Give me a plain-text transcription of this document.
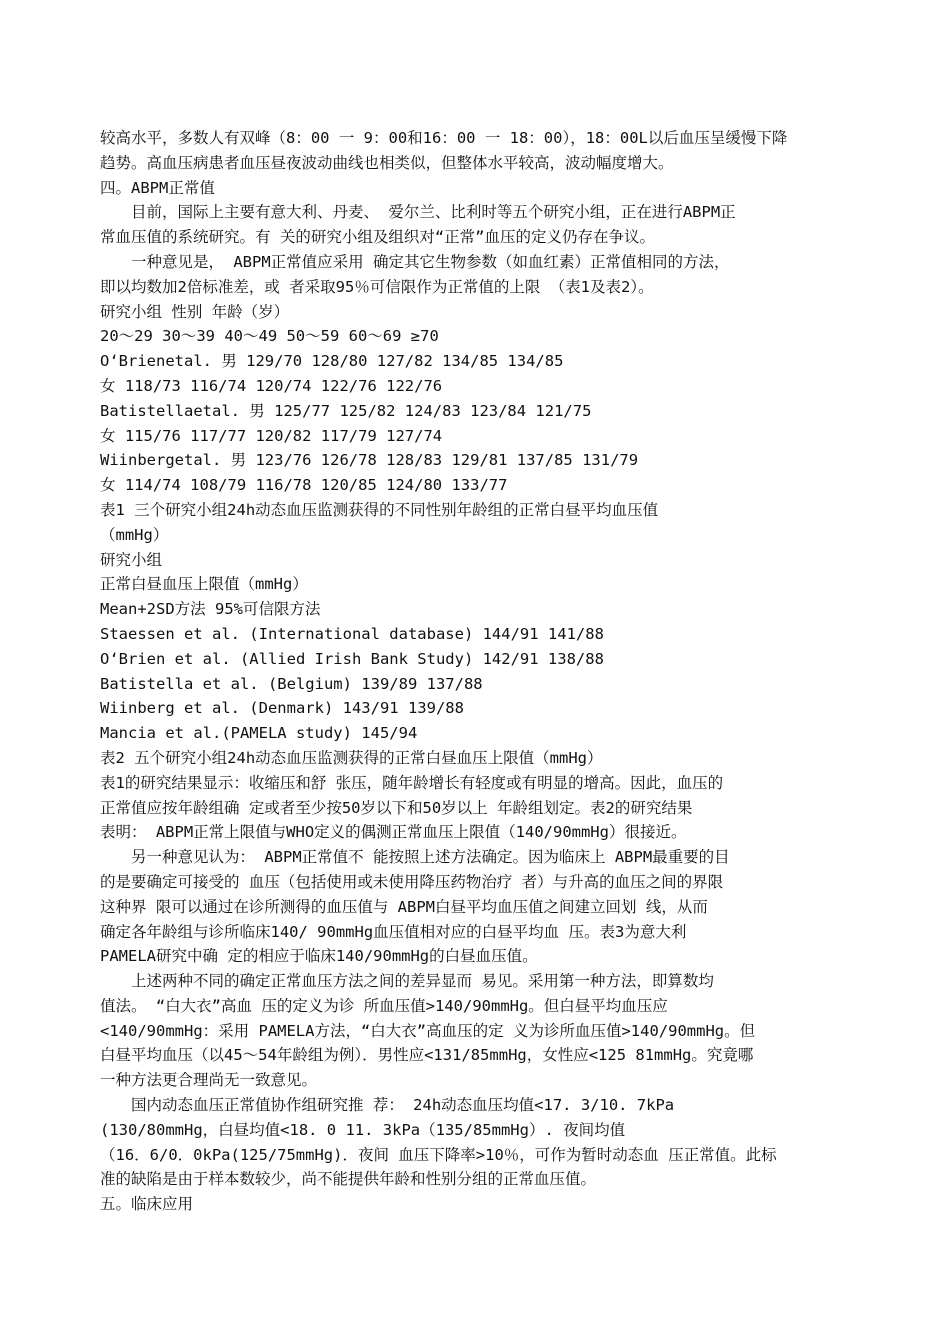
较高水平，多数人有双峰（8：00 一 9：00和16：00 一 18：00），18：00L以后血压呈缓慢下降
趋势。高血压病患者血压昼夜波动曲线也相类似，但整体水平较高，波动幅度增大。
四。ABPM正常值
目前，国际上主要有意大利、丹麦、 爱尔兰、比利时等五个研究小组，正在进行ABPM正
常血压值的系统研究。有 关的研究小组及组织对“正常”血压的定义仍存在争议。
一种意见是， ABPM正常值应采用 确定其它生物参数（如血红素）正常值相同的方法，
即以均数加2倍标准差，或 者采取95％可信限作为正常值的上限 （表1及表2）。
研究小组 性别 年龄（岁）
20～29 30～39 40～49 50～59 60～69 ≥70
O‘Brienetal. 男 129/70 128/80 127/82 134/85 134/85
女 118/73 116/74 120/74 122/76 122/76
Batistellaetal. 男 125/77 125/82 124/83 123/84 121/75
女 115/76 117/77 120/82 117/79 127/74
Wiinbergetal. 男 123/76 126/78 128/83 129/81 137/85 131/79
女 114/74 108/79 116/78 120/85 124/80 133/77
表1 三个研究小组24h动态血压监测获得的不同性别年龄组的正常白昼平均血压值
（mmHg）
研究小组
正常白昼血压上限值（mmHg）
Mean+2SD方法 95%可信限方法
Staessen et al. (International database) 144/91 141/88
O‘Brien et al. (Allied Irish Bank Study) 142/91 138/88
Batistella et al. (Belgium) 139/89 137/88
Wiinberg et al. (Denmark) 143/91 139/88
Mancia et al.(PAMELA study) 145/94
表2 五个研究小组24h动态血压监测获得的正常白昼血压上限值（mmHg）
表1的研究结果显示：收缩压和舒 张压，随年龄增长有轻度或有明显的增高。因此，血压的
正常值应按年龄组确 定或者至少按50岁以下和50岁以上 年龄组划定。表2的研究结果
表明： ABPM正常上限值与WHO定义的偶测正常血压上限值（140/90mmHg）很接近。
另一种意见认为： ABPM正常值不 能按照上述方法确定。因为临床上 ABPM最重要的目
的是要确定可接受的 血压（包括使用或未使用降压药物治疗 者）与升高的血压之间的界限
这种界 限可以通过在诊所测得的血压值与 ABPM白昼平均血压值之间建立回划 线，从而
确定各年龄组与诊所临床140/ 90mmHg血压值相对应的白昼平均血 压。表3为意大利
PAMELA研究中确 定的相应于临床140/90mmHg的白昼血压值。
上述两种不同的确定正常血压方法之间的差异显而 易见。采用第一种方法，即算数均
值法。 “白大衣”高血 压的定义为诊 所血压值>140/90mmHg。但白昼平均血压应
<140/90mmHg：采用 PAMELA方法，“白大衣”高血压的定 义为诊所血压值>140/90mmHg。但
白昼平均血压（以45～54年龄组为例）．男性应<131/85mmHg，女性应<125 81mmHg。究竟哪
一种方法更合理尚无一致意见。
国内动态血压正常值协作组研究推 荐： 24h动态血压均值<17. 3/10. 7kPa
(130/80mmHg，白昼均值<18. 0 11. 3kPa（135/85mmHg）. 夜间均值
（16．6/0．0kPa(125/75mmHg)．夜间 血压下降率>10％，可作为暂时动态血 压正常值。此标
准的缺陷是由于样本数较少，尚不能提供年龄和性别分组的正常血压值。
五。临床应用
